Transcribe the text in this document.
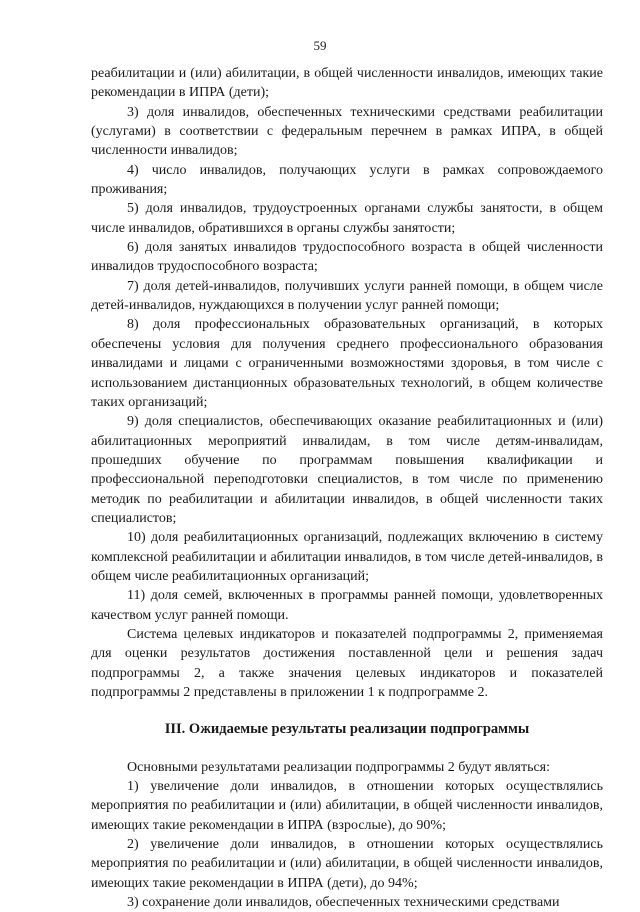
59

реабилитации и (или) абилитации, в общей численности инвалидов, имеющих такие рекомендации в ИПРА (дети);

3) доля инвалидов, обеспеченных техническими средствами реабилитации (услугами) в соответствии с федеральным перечнем в рамках ИПРА, в общей численности инвалидов;

4) число инвалидов, получающих услуги в рамках сопровождаемого проживания;

5) доля инвалидов, трудоустроенных органами службы занятости, в общем числе инвалидов, обратившихся в органы службы занятости;

6) доля занятых инвалидов трудоспособного возраста в общей численности инвалидов трудоспособного возраста;

7) доля детей-инвалидов, получивших услуги ранней помощи, в общем числе детей-инвалидов, нуждающихся в получении услуг ранней помощи;

8) доля профессиональных образовательных организаций, в которых обеспечены условия для получения среднего профессионального образования инвалидами и лицами с ограниченными возможностями здоровья, в том числе с использованием дистанционных образовательных технологий, в общем количестве таких организаций;

9) доля специалистов, обеспечивающих оказание реабилитационных и (или) абилитационных мероприятий инвалидам, в том числе детям-инвалидам, прошедших обучение по программам повышения квалификации и профессиональной переподготовки специалистов, в том числе по применению методик по реабилитации и абилитации инвалидов, в общей численности таких специалистов;

10) доля реабилитационных организаций, подлежащих включению в систему комплексной реабилитации и абилитации инвалидов, в том числе детей-инвалидов, в общем числе реабилитационных организаций;

11) доля семей, включенных в программы ранней помощи, удовлетворенных качеством услуг ранней помощи.

Система целевых индикаторов и показателей подпрограммы 2, применяемая для оценки результатов достижения поставленной цели и решения задач подпрограммы 2, а также значения целевых индикаторов и показателей подпрограммы 2 представлены в приложении 1 к подпрограмме 2.

III. Ожидаемые результаты реализации подпрограммы

Основными результатами реализации подпрограммы 2 будут являться:

1) увеличение доли инвалидов, в отношении которых осуществлялись мероприятия по реабилитации и (или) абилитации, в общей численности инвалидов, имеющих такие рекомендации в ИПРА (взрослые), до 90%;

2) увеличение доли инвалидов, в отношении которых осуществлялись мероприятия по реабилитации и (или) абилитации, в общей численности инвалидов, имеющих такие рекомендации в ИПРА (дети), до 94%;

3) сохранение доли инвалидов, обеспеченных техническими средствами
